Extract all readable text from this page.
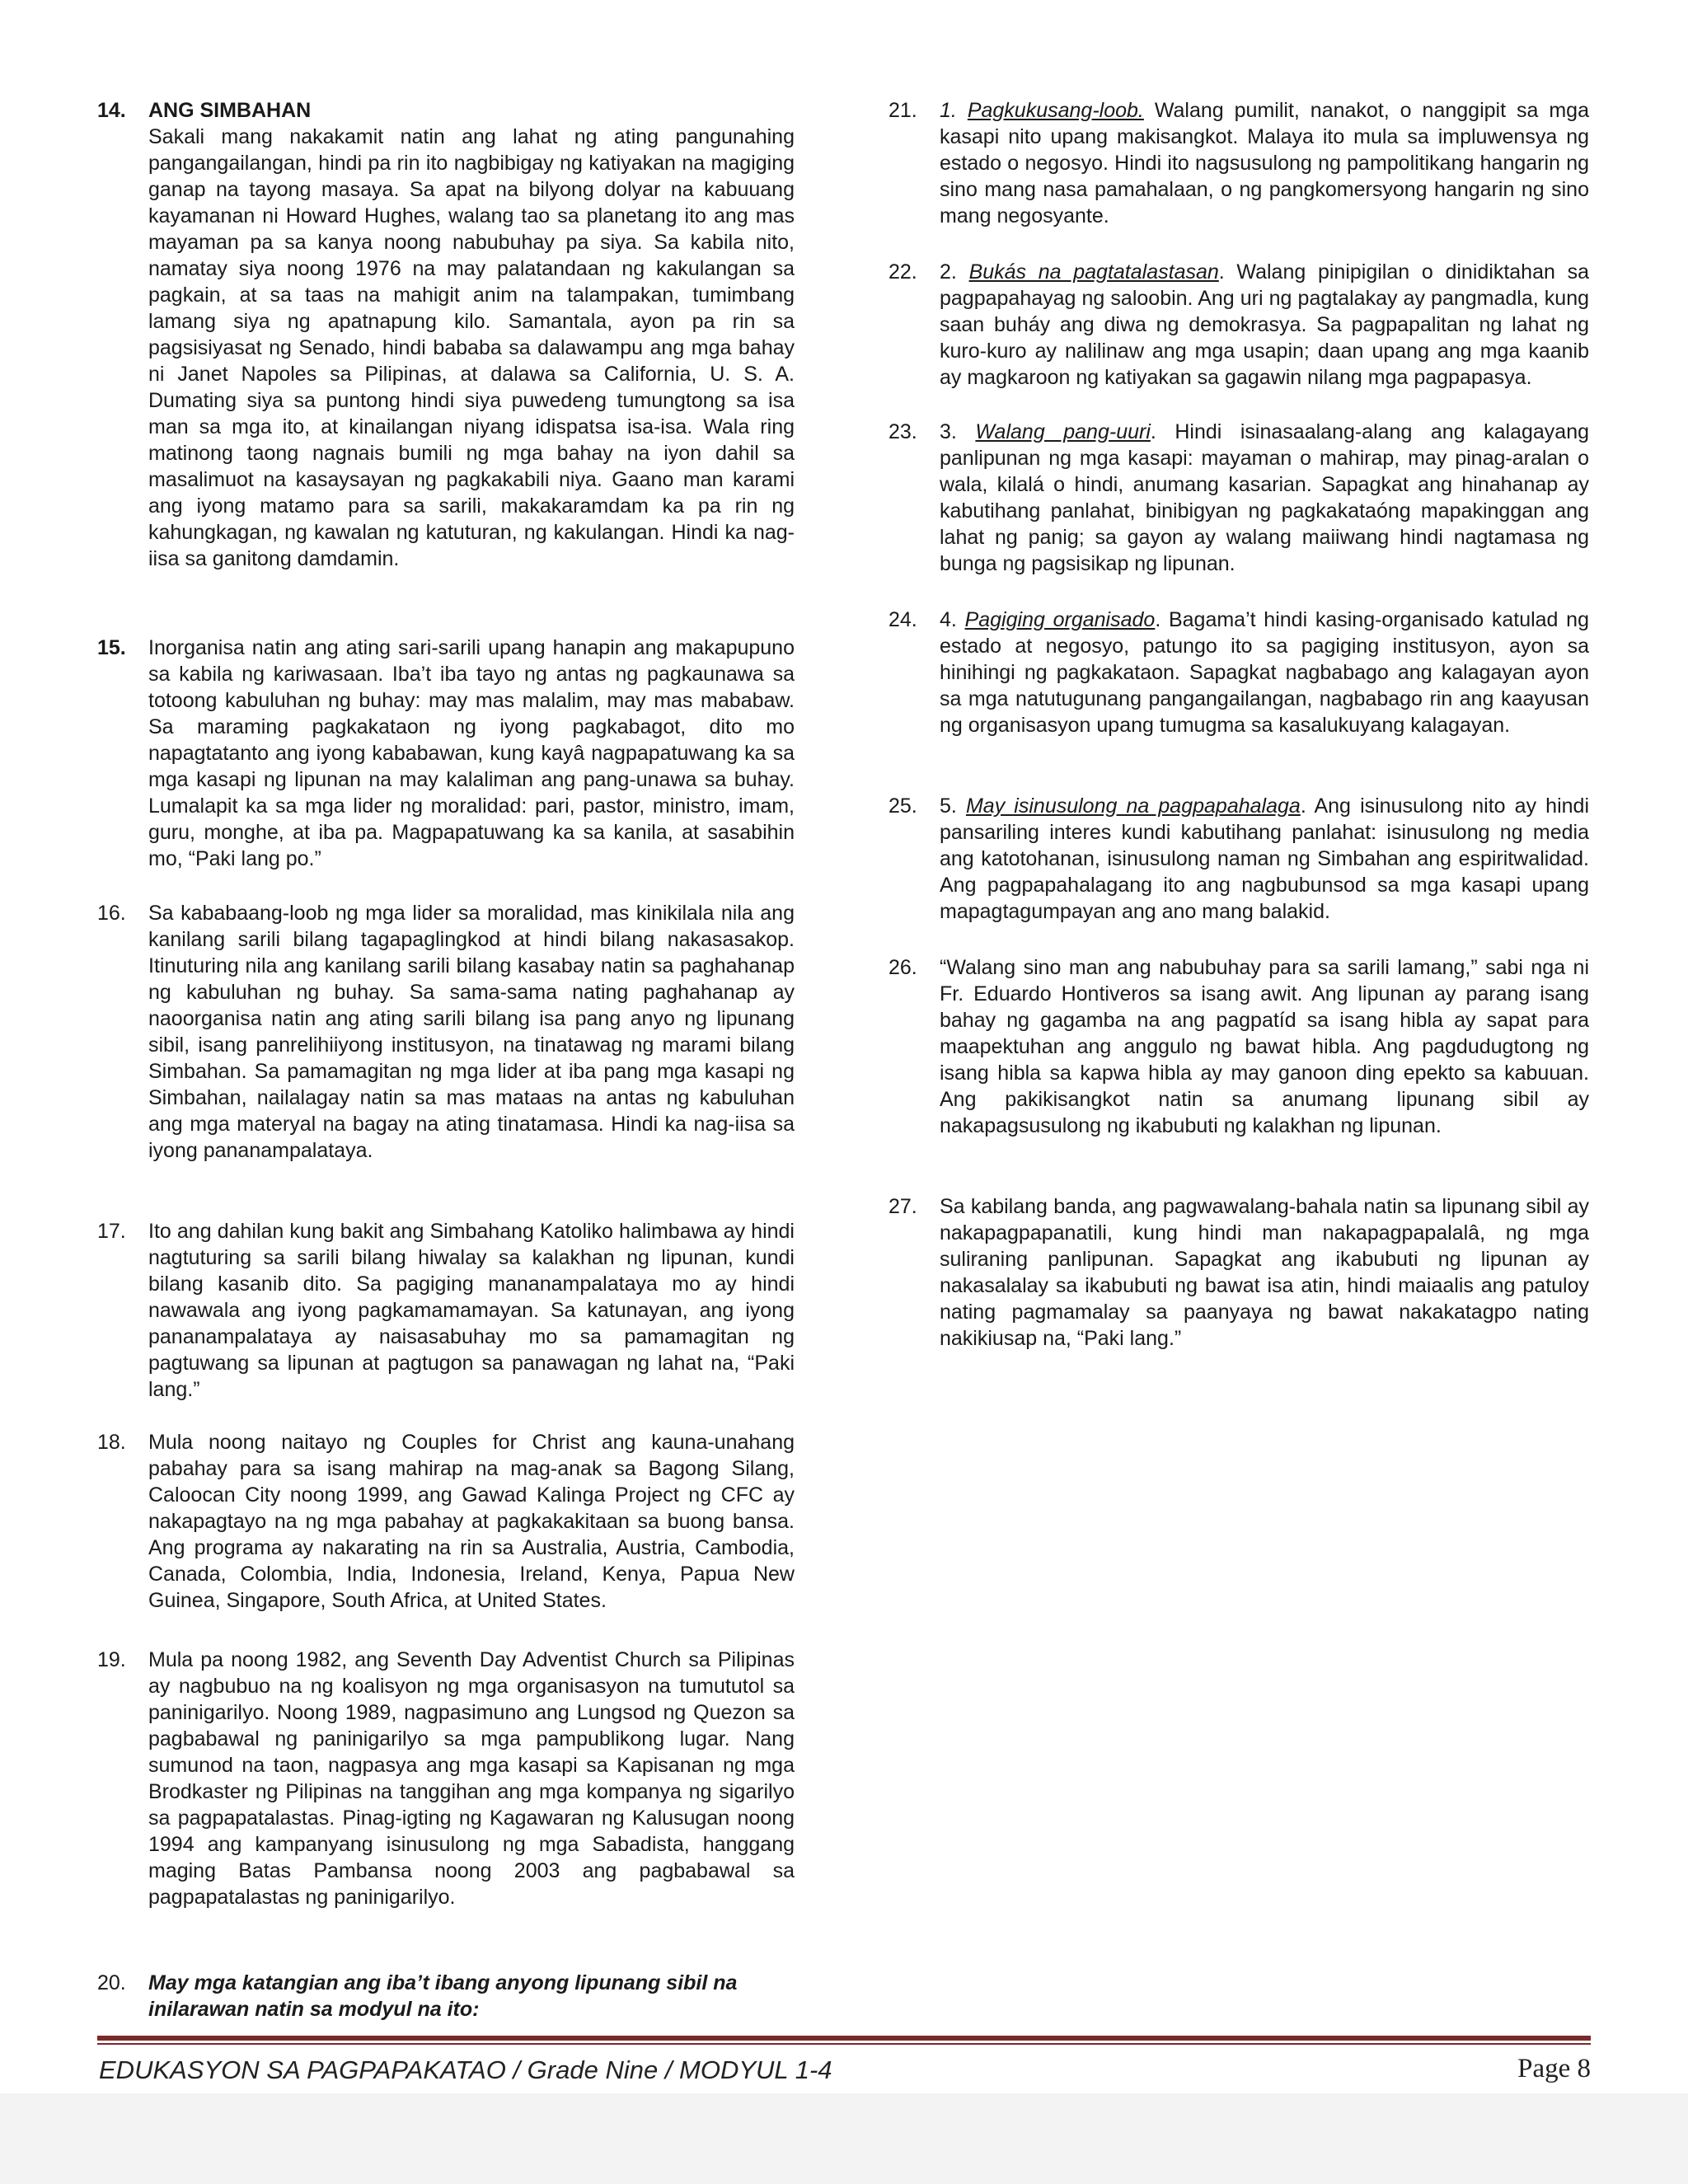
14.	ANG SIMBAHAN
Sakali mang nakakamit natin ang lahat ng ating pangunahing pangangailangan, hindi pa rin ito nagbibigay ng katiyakan na magiging ganap na tayong masaya. Sa apat na bilyong dolyar na kabuuang kayamanan ni Howard Hughes, walang tao sa planetang ito ang mas mayaman pa sa kanya noong nabubuhay pa siya. Sa kabila nito, namatay siya noong 1976 na may palatandaan ng kakulangan sa pagkain, at sa taas na mahigit anim na talampakan, tumimbang lamang siya ng apatnapung kilo. Samantala, ayon pa rin sa pagsisiyasat ng Senado, hindi bababa sa dalawampu ang mga bahay ni Janet Napoles sa Pilipinas, at dalawa sa California, U. S. A. Dumating siya sa puntong hindi siya puwedeng tumungtong sa isa man sa mga ito, at kinailangan niyang idispatsa isa-isa. Wala ring matinong taong nagnais bumili ng mga bahay na iyon dahil sa masalimuot na kasaysayan ng pagkakabili niya. Gaano man karami ang iyong matamo para sa sarili, makakaramdam ka pa rin ng kahungkagan, ng kawalan ng katuturan, ng kakulangan. Hindi ka nag-iisa sa ganitong damdamin.
15.	Inorganisa natin ang ating sari-sarili upang hanapin ang makapupuno sa kabila ng kariwasaan. Iba’t iba tayo ng antas ng pagkaunawa sa totoong kabuluhan ng buhay: may mas malalim, may mas mababaw. Sa maraming pagkakataon ng iyong pagkabagot, dito mo napagtatanto ang iyong kababawan, kung kayâ nagpapatuwang ka sa mga kasapi ng lipunan na may kalaliman ang pang-unawa sa buhay. Lumalapit ka sa mga lider ng moralidad: pari, pastor, ministro, imam, guru, monghe, at iba pa. Magpapatuwang ka sa kanila, at sasabihin mo, “Paki lang po.”
16.	Sa kababaang-loob ng mga lider sa moralidad, mas kinikilala nila ang kanilang sarili bilang tagapaglingkod at hindi bilang nakasasakop. Itinuturing nila ang kanilang sarili bilang kasabay natin sa paghahanap ng kabuluhan ng buhay. Sa sama-sama nating paghahanap ay naoorganisa natin ang ating sarili bilang isa pang anyo ng lipunang sibil, isang panrelihiiyong institusyon, na tinatawag ng marami bilang Simbahan. Sa pamamagitan ng mga lider at iba pang mga kasapi ng Simbahan, nailalagay natin sa mas mataas na antas ng kabuluhan ang mga materyal na bagay na ating tinatamasa. Hindi ka nag-iisa sa iyong pananampalataya.
17.	Ito ang dahilan kung bakit ang Simbahang Katoliko halimbawa ay hindi nagtuturing sa sarili bilang hiwalay sa kalakhan ng lipunan, kundi bilang kasanib dito. Sa pagiging mananampalataya mo ay hindi nawawala ang iyong pagkamamamayan. Sa katunayan, ang iyong pananampalataya ay naisasabuhay mo sa pamamagitan ng pagtuwang sa lipunan at pagtugon sa panawagan ng lahat na, “Paki lang.”
18.	Mula noong naitayo ng Couples for Christ ang kauna-unahang pabahay para sa isang mahirap na mag-anak sa Bagong Silang, Caloocan City noong 1999, ang Gawad Kalinga Project ng CFC ay nakapagtayo na ng mga pabahay at pagkakakitaan sa buong bansa. Ang programa ay nakarating na rin sa Australia, Austria, Cambodia, Canada, Colombia, India, Indonesia, Ireland, Kenya, Papua New Guinea, Singapore, South Africa, at United States.
19.	Mula pa noong 1982, ang Seventh Day Adventist Church sa Pilipinas ay nagbubuo na ng koalisyon ng mga organisasyon na tumututol sa paninigarilyo. Noong 1989, nagpasimuno ang Lungsod ng Quezon sa pagbabawal ng paninigarilyo sa mga pampublikong lugar. Nang sumunod na taon, nagpasya ang mga kasapi sa Kapisanan ng mga Brodkaster ng Pilipinas na tanggihan ang mga kompanya ng sigarilyo sa pagpapatalastas. Pinag-igting ng Kagawaran ng Kalusugan noong 1994 ang kampanyang isinusulong ng mga Sabadista, hanggang maging Batas Pambansa noong 2003 ang pagbabawal sa pagpapatalastas ng paninigarilyo.
20.	May mga katangian ang iba’t ibang anyong lipunang sibil na inilarawan natin sa modyul na ito:
21.	1. Pagkukusang-loob. Walang pumilit, nanakot, o nanggipit sa mga kasapi nito upang makisangkot. Malaya ito mula sa impluwensya ng estado o negosyo. Hindi ito nagsusulong ng pampolitikang hangarin ng sino mang nasa pamahalaan, o ng pangkomersyong hangarin ng sino mang negosyante.
22.	2. Bukás na pagtatalastasan. Walang pinipigilan o dinidiktahan sa pagpapahayag ng saloobin. Ang uri ng pagtalakay ay pangmadla, kung saan buháy ang diwa ng demokrasya. Sa pagpapalitan ng lahat ng kuro-kuro ay nalilinaw ang mga usapin; daan upang ang mga kaanib ay magkaroon ng katiyakan sa gagawin nilang mga pagpapasya.
23.	3. Walang pang-uuri. Hindi isinasaalang-alang ang kalagayang panlipunan ng mga kasapi: mayaman o mahirap, may pinag-aralan o wala, kilalá o hindi, anumang kasarian. Sapagkat ang hinahanap ay kabutihang panlahat, binibigyan ng pagkakataóng mapakinggan ang lahat ng panig; sa gayon ay walang maiiwang hindi nagtamasa ng bunga ng pagsisikap ng lipunan.
24.	4. Pagiging organisado. Bagama’t hindi kasing-organisado katulad ng estado at negosyo, patungo ito sa pagiging institusyon, ayon sa hinihingi ng pagkakataon. Sapagkat nagbabago ang kalagayan ayon sa mga natutugunang pangangailangan, nagbabago rin ang kaayusan ng organisasyon upang tumugma sa kasalukuyang kalagayan.
25.	5. May isinusulong na pagpapahalaga. Ang isinusulong nito ay hindi pansariling interes kundi kabutihang panlahat: isinusulong ng media ang katotohanan, isinusulong naman ng Simbahan ang espiritwalidad. Ang pagpapahalagang ito ang nagbubunsod sa mga kasapi upang mapagtagumpayan ang ano mang balakid.
26.	“Walang sino man ang nabubuhay para sa sarili lamang,” sabi nga ni Fr. Eduardo Hontiveros sa isang awit. Ang lipunan ay parang isang bahay ng gagamba na ang pagpatíd sa isang hibla ay sapat para maapektuhan ang anggulo ng bawat hibla. Ang pagdudugtong ng isang hibla sa kapwa hibla ay may ganoon ding epekto sa kabuuan. Ang pakikisangkot natin sa anumang lipunang sibil ay nakapagsusulong ng ikabubuti ng kalakhan ng lipunan.
27.	Sa kabilang banda, ang pagwawalang-bahala natin sa lipunang sibil ay nakapagpapanatili, kung hindi man nakapagpapalalâ, ng mga suliraning panlipunan. Sapagkat ang ikabubuti ng lipunan ay nakasalalay sa ikabubuti ng bawat isa atin, hindi maiaalis ang patuloy nating pagmamalay sa paanyaya ng bawat nakakatagpo nating nakikiusap na, “Paki lang.”
EDUKASYON SA PAGPAPAKATAO / Grade Nine / MODYUL 1-4	Page 8
